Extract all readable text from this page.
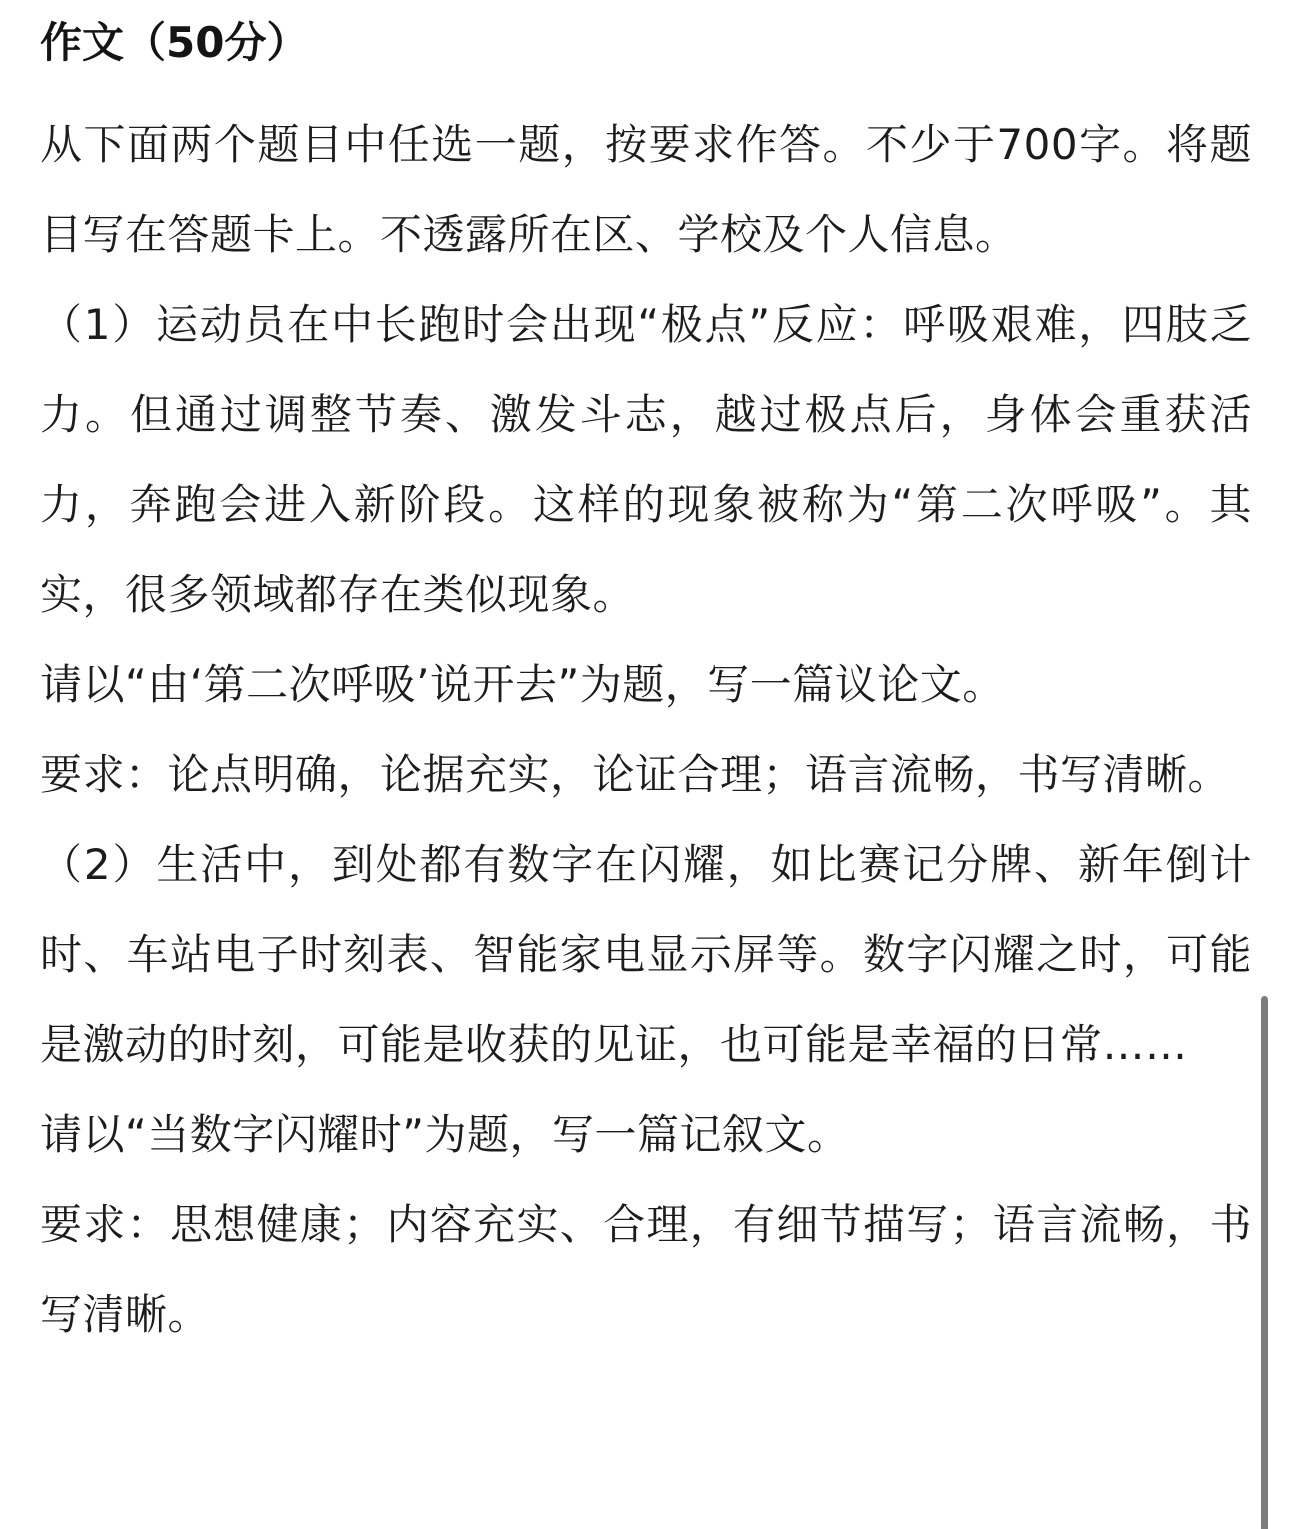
作文（50分）

从下面两个题目中任选一题，按要求作答。不少于700字。将题目写在答题卡上。不透露所在区、学校及个人信息。

（1）运动员在中长跑时会出现“极点”反应：呼吸艰难，四肢乏力。但通过调整节奏、激发斗志，越过极点后，身体会重获活力，奔跑会进入新阶段。这样的现象被称为“第二次呼吸”。其实，很多领域都存在类似现象。

请以“由‘第二次呼吸’说开去”为题，写一篇议论文。

要求：论点明确，论据充实，论证合理；语言流畅，书写清晰。

（2）生活中，到处都有数字在闪耀，如比赛记分牌、新年倒计时、车站电子时刻表、智能家电显示屏等。数字闪耀之时，可能是激动的时刻，可能是收获的见证，也可能是幸福的日常……

请以“当数字闪耀时”为题，写一篇记叙文。

要求：思想健康；内容充实、合理，有细节描写；语言流畅，书写清晰。
